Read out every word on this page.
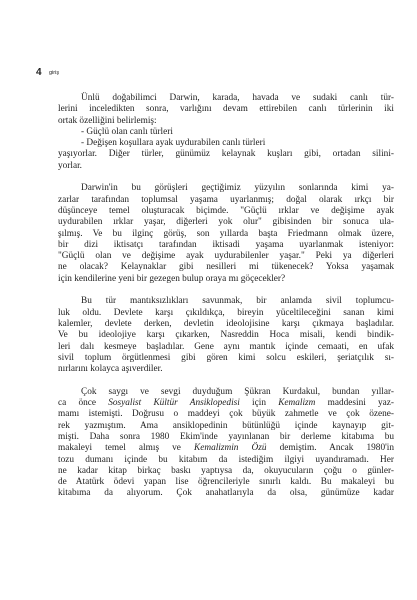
4 giriş
Ünlü doğabilimci Darwin, karada, havada ve sudaki canlı tür-
lerini inceledikten sonra, varlığını devam ettirebilen canlı türlerinin iki
ortak özelliğini belirlemiş:
- Güçlü olan canlı türleri
- Değişen koşullara ayak uydurabilen canlı türleri
yaşıyorlar. Diğer türler, günümüz kelaynak kuşları gibi, ortadan silini-
yorlar.
Darwin'in bu görüşleri geçtiğimiz yüzyılın sonlarında kimi ya-
zarlar tarafından toplumsal yaşama uyarlanmış; doğal olarak ırkçı bir
düşünceye temel oluşturacak biçimde. "Güçlü ırklar ve değişime ayak
uydurabilen ırklar yaşar, diğerleri yok olur" gibisinden bir sonuca ula-
şılmış. Ve bu ilginç görüş, son yıllarda başta Friedmann olmak üzere,
bir dizi iktisatçı tarafından iktisadi yaşama uyarlanmak isteniyor:
"Güçlü olan ve değişime ayak uydurabilenler yaşar." Peki ya diğerleri
ne olacak? Kelaynaklar gibi nesilleri mi tükenecek? Yoksa yaşamak
için kendilerine yeni bir gezegen bulup oraya mı göçecekler?
Bu tür mantıksızlıkları savunmak, bir anlamda sivil toplumcu-
luk oldu. Devlete karşı çıkıldıkça, bireyin yüceltileceğini sanan kimi
kalemler, devlete derken, devletin ideolojisine karşı çıkmaya başladılar.
Ve bu ideolojiye karşı çıkarken, Nasreddin Hoca misali, kendi bindik-
leri dalı kesmeye başladılar. Gene aynı mantık içinde cemaati, en ufak
sivil toplum örgütlenmesi gibi gören kimi solcu eskileri, şeriatçılık sı-
nırlarını kolayca aşıverdiler.
Çok saygı ve sevgi duyduğum Şükran Kurdakul, bundan yıllar-
ca önce Sosyalist Kültür Ansiklopedisi için Kemalizm maddesini yaz-
mamı istemişti. Doğrusu o maddeyi çok büyük zahmetle ve çok özene-
rek yazmıştım. Ama ansiklopedinin bütünlüğü içinde kaynayıp git-
mişti. Daha sonra 1980 Ekim'inde yayınlanan bir derleme kitabıma bu
makaleyi temel almış ve Kemalizmin Özü demiştim. Ancak 1980'in
tozu dumanı içinde bu kitabım da istediğim ilgiyi uyandıramadı. Her
ne kadar kitap birkaç baskı yaptıysa da, okuyucuların çoğu o günler-
de Atatürk ödevi yapan lise öğrencileriyle sınırlı kaldı. Bu makaleyi bu
kitabıma da alıyorum. Çok anahatlarıyla da olsa, günümüze kadar
